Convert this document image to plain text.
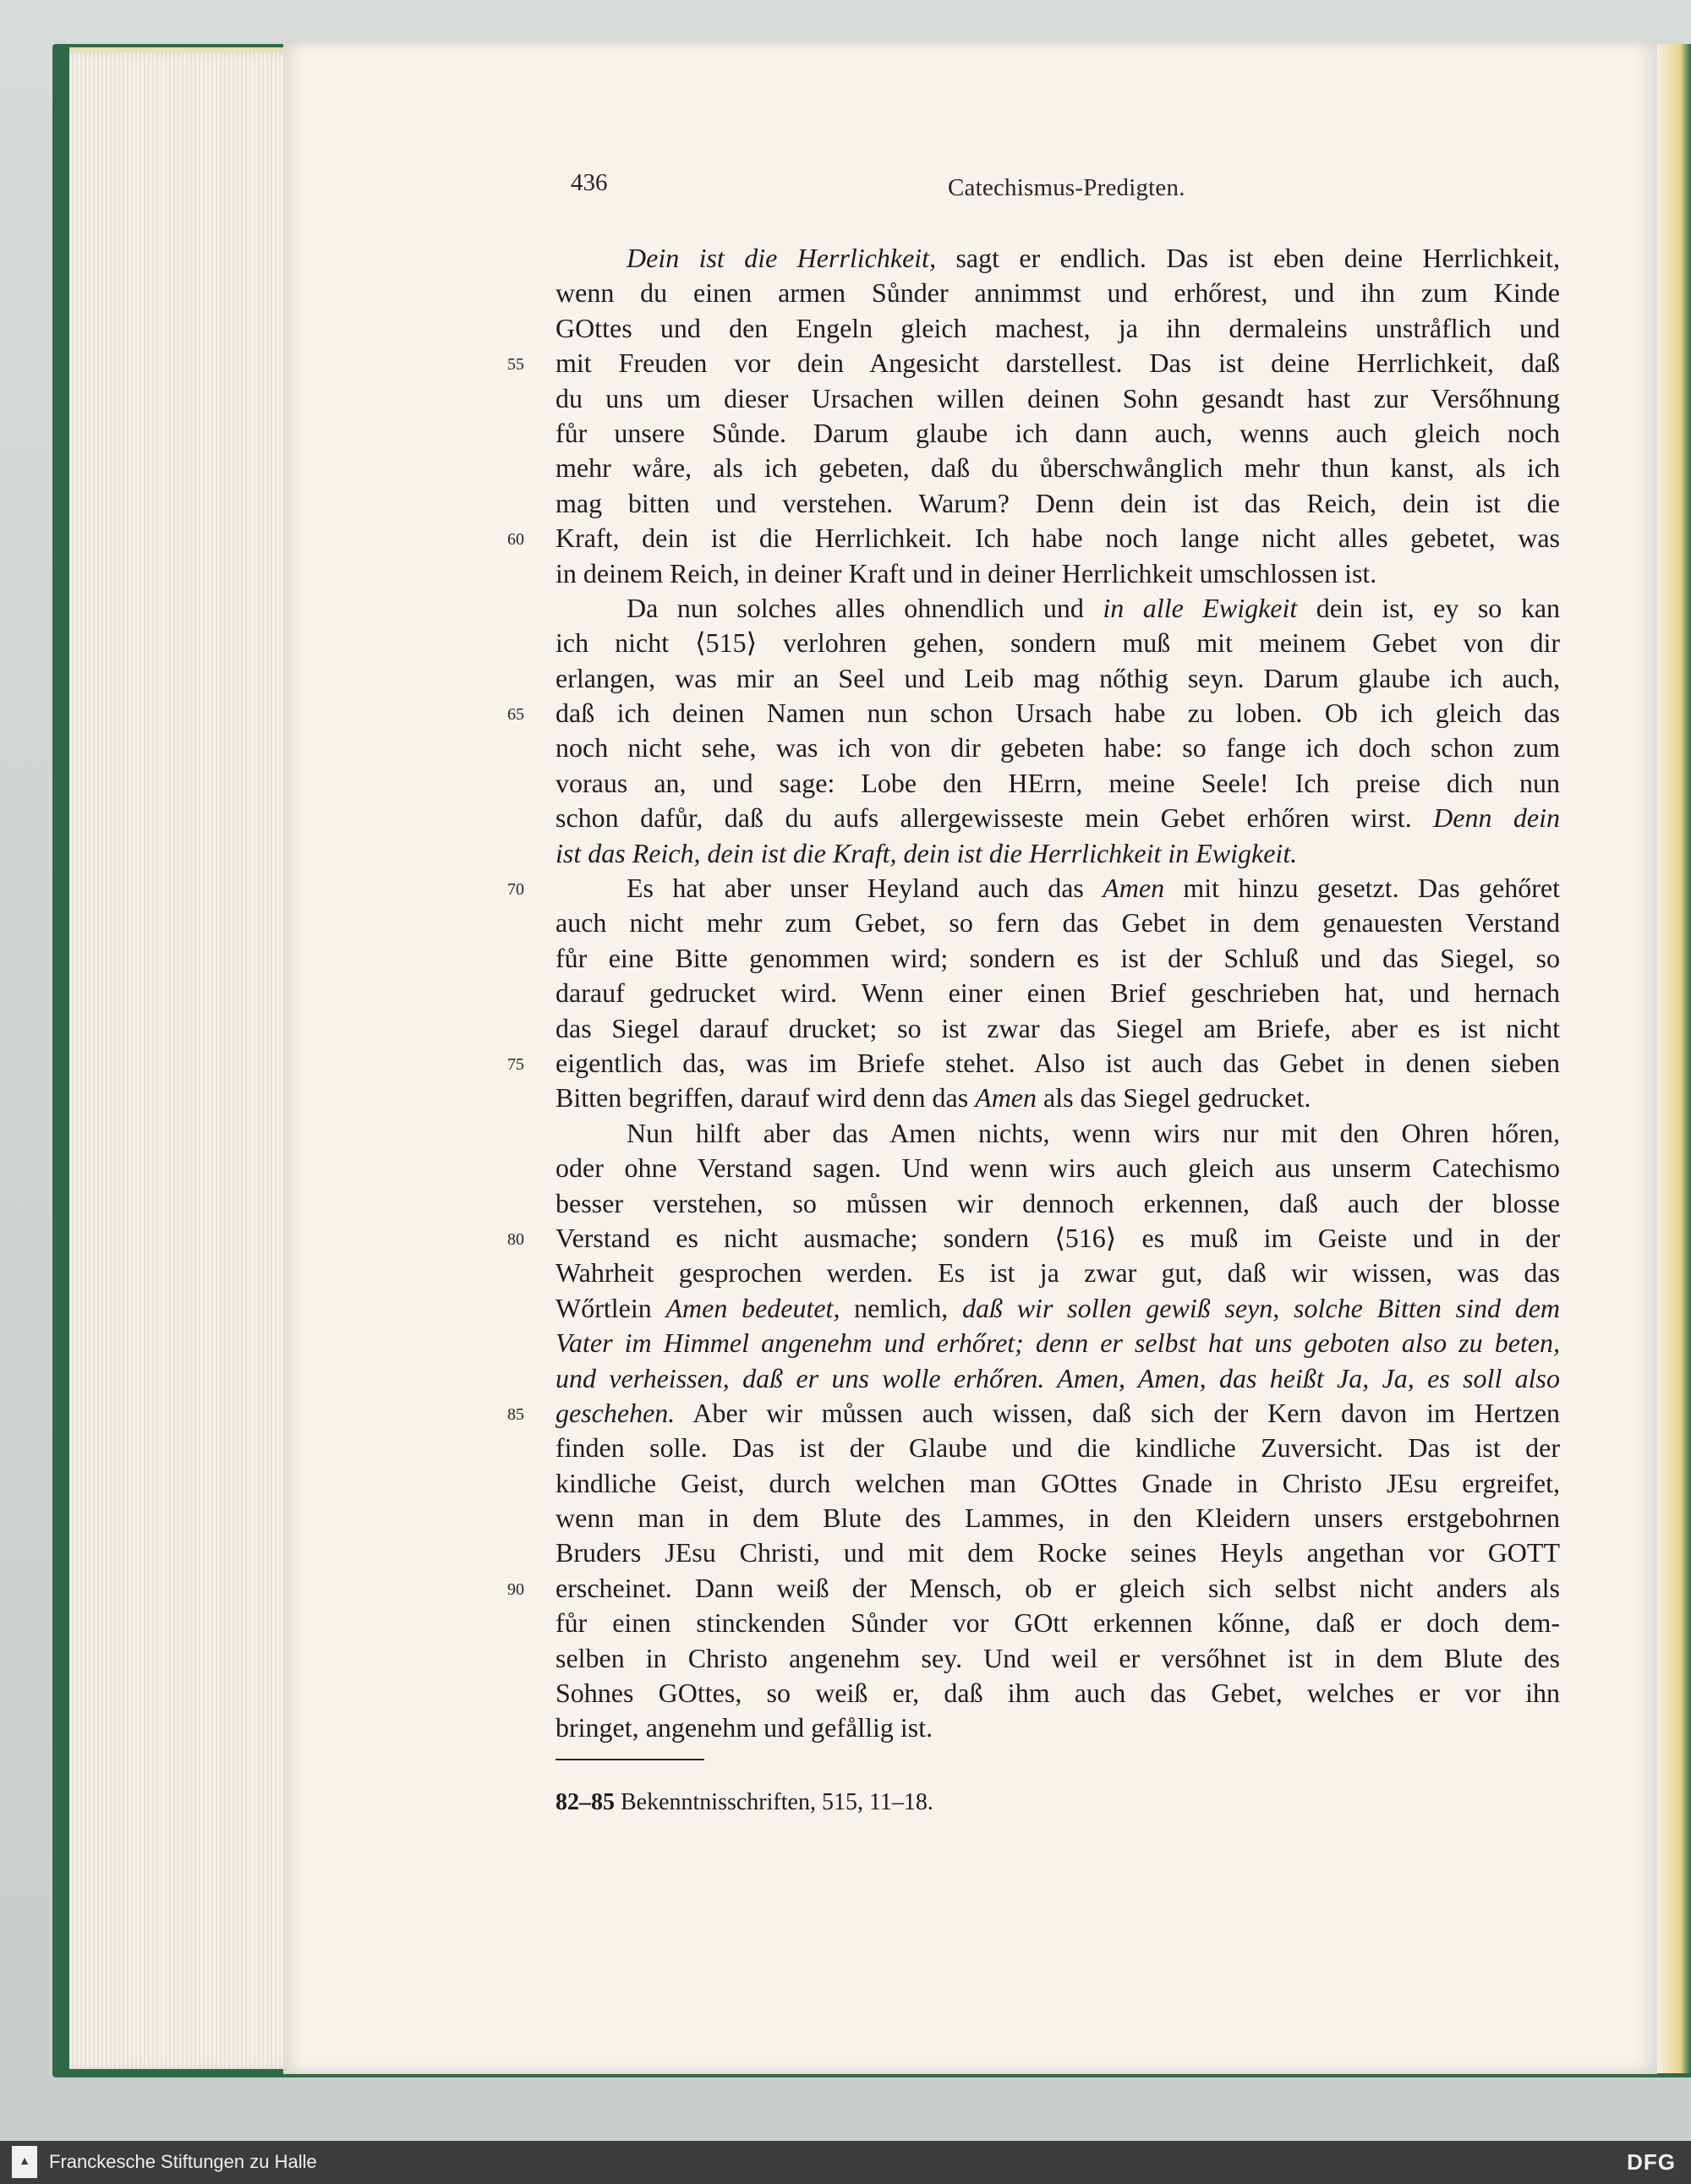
436	Catechismus-Predigten.
Dein ist die Herrlichkeit, sagt er endlich. Das ist eben deine Herrlichkeit,
wenn du einen armen Sůnder annimmst und erhőrest, und ihn zum Kinde
GOttes und den Engeln gleich machest, ja ihn dermaleins unstråflich und
55 mit Freuden vor dein Angesicht darstellest. Das ist deine Herrlichkeit, daß
du uns um dieser Ursachen willen deinen Sohn gesandt hast zur Versőhnung
fůr unsere Sůnde. Darum glaube ich dann auch, wenns auch gleich noch
mehr wåre, als ich gebeten, daß du ůberschwånglich mehr thun kanst, als ich
mag bitten und verstehen. Warum? Denn dein ist das Reich, dein ist die
60 Kraft, dein ist die Herrlichkeit. Ich habe noch lange nicht alles gebetet, was
in deinem Reich, in deiner Kraft und in deiner Herrlichkeit umschlossen ist.
Da nun solches alles ohnendlich und in alle Ewigkeit dein ist, ey so kan
ich nicht ⟨515⟩ verlohren gehen, sondern muß mit meinem Gebet von dir
erlangen, was mir an Seel und Leib mag nőthig seyn. Darum glaube ich auch,
65 daß ich deinen Namen nun schon Ursach habe zu loben. Ob ich gleich das
noch nicht sehe, was ich von dir gebeten habe: so fange ich doch schon zum
voraus an, und sage: Lobe den HErrn, meine Seele! Ich preise dich nun
schon dafůr, daß du aufs allergewisseste mein Gebet erhőren wirst. Denn dein
ist das Reich, dein ist die Kraft, dein ist die Herrlichkeit in Ewigkeit.
70	Es hat aber unser Heyland auch das Amen mit hinzu gesetzt. Das gehőret
auch nicht mehr zum Gebet, so fern das Gebet in dem genauesten Verstand
fůr eine Bitte genommen wird; sondern es ist der Schluß und das Siegel, so
darauf gedrucket wird. Wenn einer einen Brief geschrieben hat, und hernach
das Siegel darauf drucket; so ist zwar das Siegel am Briefe, aber es ist nicht
75 eigentlich das, was im Briefe stehet. Also ist auch das Gebet in denen sieben
Bitten begriffen, darauf wird denn das Amen als das Siegel gedrucket.
Nun hilft aber das Amen nichts, wenn wirs nur mit den Ohren hőren,
oder ohne Verstand sagen. Und wenn wirs auch gleich aus unserm Catechismo
besser verstehen, so můssen wir dennoch erkennen, daß auch der blosse
80 Verstand es nicht ausmache; sondern ⟨516⟩ es muß im Geiste und in der
Wahrheit gesprochen werden. Es ist ja zwar gut, daß wir wissen, was das
Wőrtlein Amen bedeutet, nemlich, daß wir sollen gewiß seyn, solche Bitten sind dem
Vater im Himmel angenehm und erhőret; denn er selbst hat uns geboten also zu beten,
und verheissen, daß er uns wolle erhőren. Amen, Amen, das heißt Ja, Ja, es soll also
85 geschehen. Aber wir můssen auch wissen, daß sich der Kern davon im Hertzen
finden solle. Das ist der Glaube und die kindliche Zuversicht. Das ist der
kindliche Geist, durch welchen man GOttes Gnade in Christo JEsu ergreifet,
wenn man in dem Blute des Lammes, in den Kleidern unsers erstgebohrnen
Bruders JEsu Christi, und mit dem Rocke seines Heyls angethan vor GOTT
90 erscheinet. Dann weiß der Mensch, ob er gleich sich selbst nicht anders als
fůr einen stinckenden Sůnder vor GOtt erkennen kőnne, daß er doch dem-
selben in Christo angenehm sey. Und weil er versőhnet ist in dem Blute des
Sohnes GOttes, so weiß er, daß ihm auch das Gebet, welches er vor ihn
bringet, angenehm und gefållig ist.
82–85 Bekenntnisschriften, 515, 11–18.
▲	Franckesche Stiftungen zu Halle	DFG
